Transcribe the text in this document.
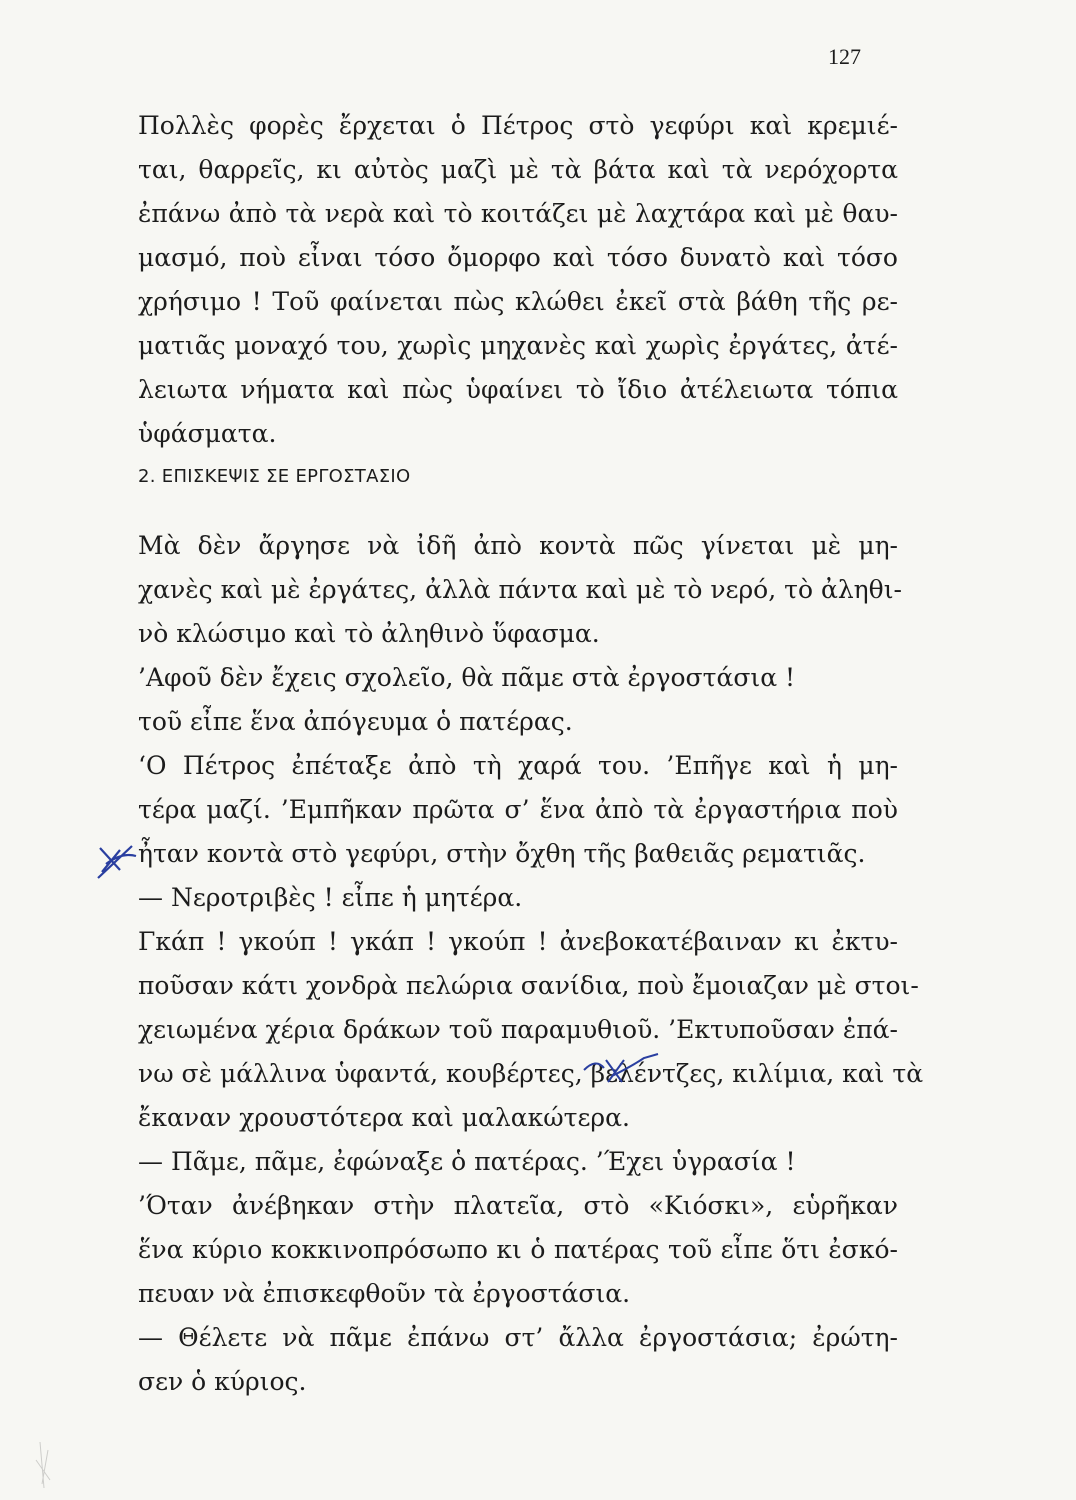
127
Πολλὲς φορὲς ἔρχεται ὁ Πέτρος στὸ γεφύρι καὶ κρεμιέ-
ται, θαρρεῖς, κι αὐτὸς μαζὶ μὲ τὰ βάτα καὶ τὰ νερόχορτα
ἐπάνω ἀπὸ τὰ νερὰ καὶ τὸ κοιτάζει μὲ λαχτάρα καὶ μὲ θαυ-
μασμό, ποὺ εἶναι τόσο ὄμορφο καὶ τόσο δυνατὸ καὶ τόσο
χρήσιμο ! Τοῦ φαίνεται πὼς κλώθει ἐκεῖ στὰ βάθη τῆς ρε-
ματιᾶς μοναχό του, χωρὶς μηχανὲς καὶ χωρὶς ἐργάτες, ἀτέ-
λειωτα νήματα καὶ πὼς ὑφαίνει τὸ ἴδιο ἀτέλειωτα τόπια
ὑφάσματα.
2. ΕΠΙΣΚΕΨΙΣ ΣΕ ΕΡΓΟΣΤΑΣΙΟ
Μὰ δὲν ἄργησε νὰ ἰδῆ ἀπὸ κοντὰ πῶς γίνεται μὲ μη-
χανὲς καὶ μὲ ἐργάτες, ἀλλὰ πάντα καὶ μὲ τὸ νερό, τὸ ἀληθι-
νὸ κλώσιμο καὶ τὸ ἀληθινὸ ὕφασμα.
’Αφοῦ δὲν ἔχεις σχολεῖο, θὰ πᾶμε στὰ ἐργοστάσια !
τοῦ εἶπε ἕνα ἀπόγευμα ὁ πατέρας.
‘Ο Πέτρος ἐπέταξε ἀπὸ τὴ χαρά του. ’Επῆγε καὶ ἡ μη-
τέρα μαζί. ’Εμπῆκαν πρῶτα σ’ ἕνα ἀπὸ τὰ ἐργαστήρια ποὺ
ἦταν κοντὰ στὸ γεφύρι, στὴν ὄχθη τῆς βαθειᾶς ρεματιᾶς.
— Νεροτριβὲς ! εἶπε ἡ μητέρα.
Γκάπ ! γκούπ ! γκάπ ! γκούπ ! ἀνεβοκατέβαιναν κι ἐκτυ-
ποῦσαν κάτι χονδρὰ πελώρια σανίδια, ποὺ ἔμοιαζαν μὲ στοι-
χειωμένα χέρια δράκων τοῦ παραμυθιοῦ. ’Εκτυποῦσαν ἐπά-
νω σὲ μάλλινα ὑφαντά, κουβέρτες, βελέντζες, κιλίμια, καὶ τὰ
ἔκαναν χρουστότερα καὶ μαλακώτερα.
— Πᾶμε, πᾶμε, ἐφώναξε ὁ πατέρας. ’Έχει ὑγρασία !
’Όταν ἀνέβηκαν στὴν πλατεῖα, στὸ «Κιόσκι», εὑρῆκαν
ἕνα κύριο κοκκινοπρόσωπο κι ὁ πατέρας τοῦ εἶπε ὅτι ἐσκό-
πευαν νὰ ἐπισκεφθοῦν τὰ ἐργοστάσια.
— Θέλετε νὰ πᾶμε ἐπάνω στ’ ἄλλα ἐργοστάσια; ἐρώτη-
σεν ὁ κύριος.
